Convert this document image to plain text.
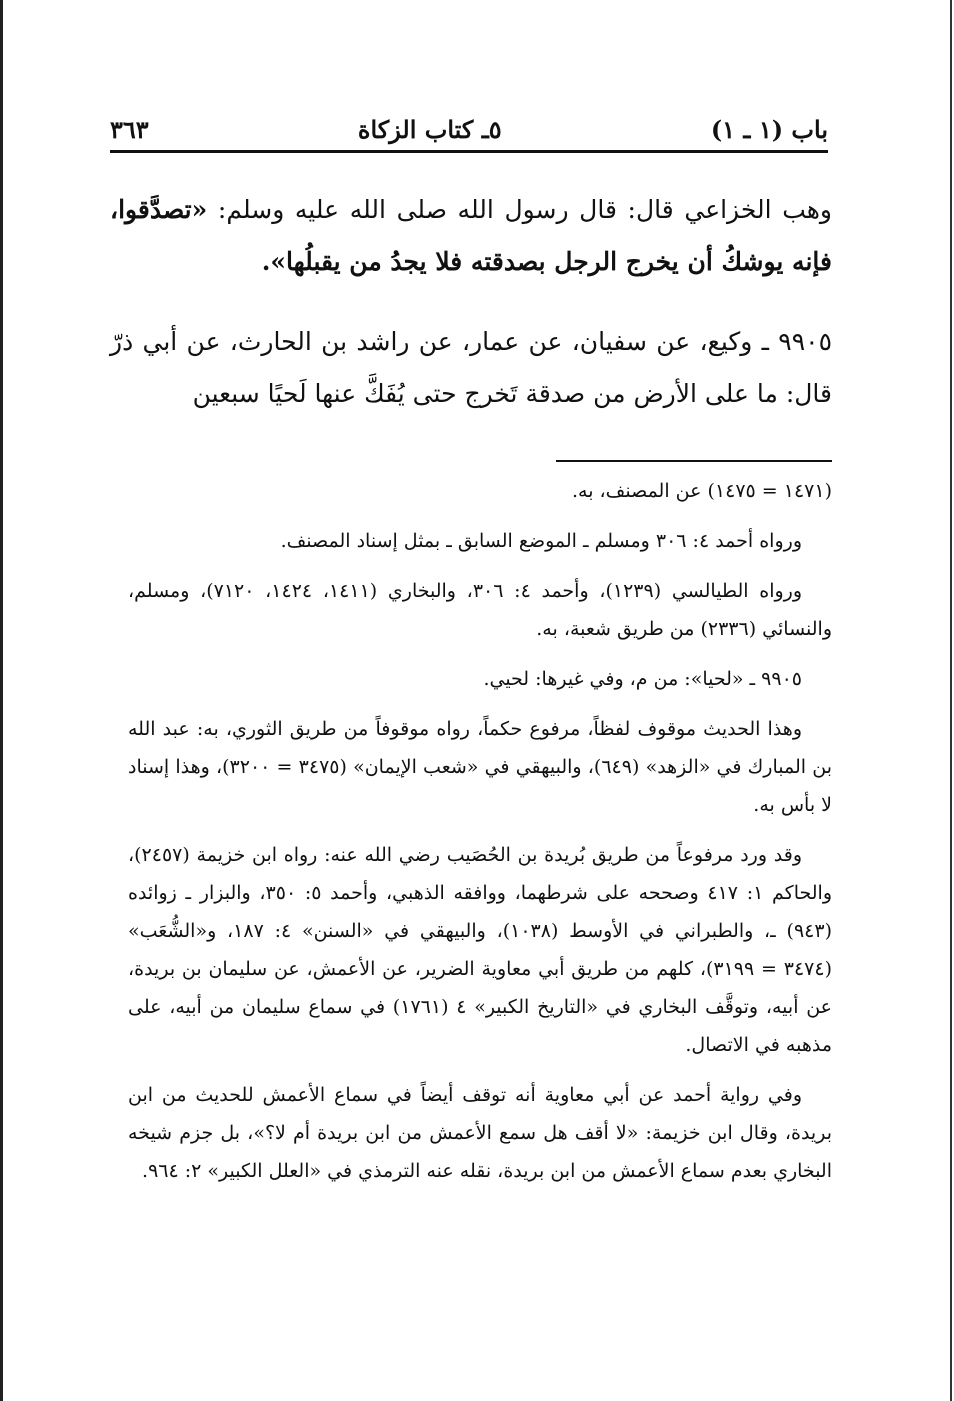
باب (١ ـ ١)
٥ـ كتاب الزكاة
٣٦٣

وهب الخزاعي قال: قال رسول الله صلى الله عليه وسلم: «تصدَّقوا، فإنه يوشكُ أن يخرج الرجل بصدقته فلا يجدُ من يقبلُها».

٩٩٠٥ ـ وكيع، عن سفيان، عن عمار، عن راشد بن الحارث، عن أبي ذرّ قال: ما على الأرض من صدقة تَخرج حتى يُفَكَّ عنها لَحيًا سبعين

(١٤٧١ = ١٤٧٥) عن المصنف، به.

ورواه أحمد ٤: ٣٠٦ ومسلم ـ الموضع السابق ـ بمثل إسناد المصنف.

ورواه الطيالسي (١٢٣٩)، وأحمد ٤: ٣٠٦، والبخاري (١٤١١، ١٤٢٤، ٧١٢٠)، ومسلم، والنسائي (٢٣٣٦) من طريق شعبة، به.

٩٩٠٥ ـ «لحيا»: من م، وفي غيرها: لحيي.

وهذا الحديث موقوف لفظاً، مرفوع حكماً، رواه موقوفاً من طريق الثوري، به: عبد الله بن المبارك في «الزهد» (٦٤٩)، والبيهقي في «شعب الإيمان» (٣٤٧٥ = ٣٢٠٠)، وهذا إسناد لا بأس به.

وقد ورد مرفوعاً من طريق بُريدة بن الحُصَيب رضي الله عنه: رواه ابن خزيمة (٢٤٥٧)، والحاكم ١: ٤١٧ وصححه على شرطهما، ووافقه الذهبي، وأحمد ٥: ٣٥٠، والبزار ـ زوائده (٩٤٣) ـ، والطبراني في الأوسط (١٠٣٨)، والبيهقي في «السنن» ٤: ١٨٧، و«الشُّعَب» (٣٤٧٤ = ٣١٩٩)، كلهم من طريق أبي معاوية الضرير، عن الأعمش، عن سليمان بن بريدة، عن أبيه، وتوقَّف البخاري في «التاريخ الكبير» ٤ (١٧٦١) في سماع سليمان من أبيه، على مذهبه في الاتصال.

وفي رواية أحمد عن أبي معاوية أنه توقف أيضاً في سماع الأعمش للحديث من ابن بريدة، وقال ابن خزيمة: «لا أقف هل سمع الأعمش من ابن بريدة أم لا؟»، بل جزم شيخه البخاري بعدم سماع الأعمش من ابن بريدة، نقله عنه الترمذي في «العلل الكبير» ٢: ٩٦٤.
